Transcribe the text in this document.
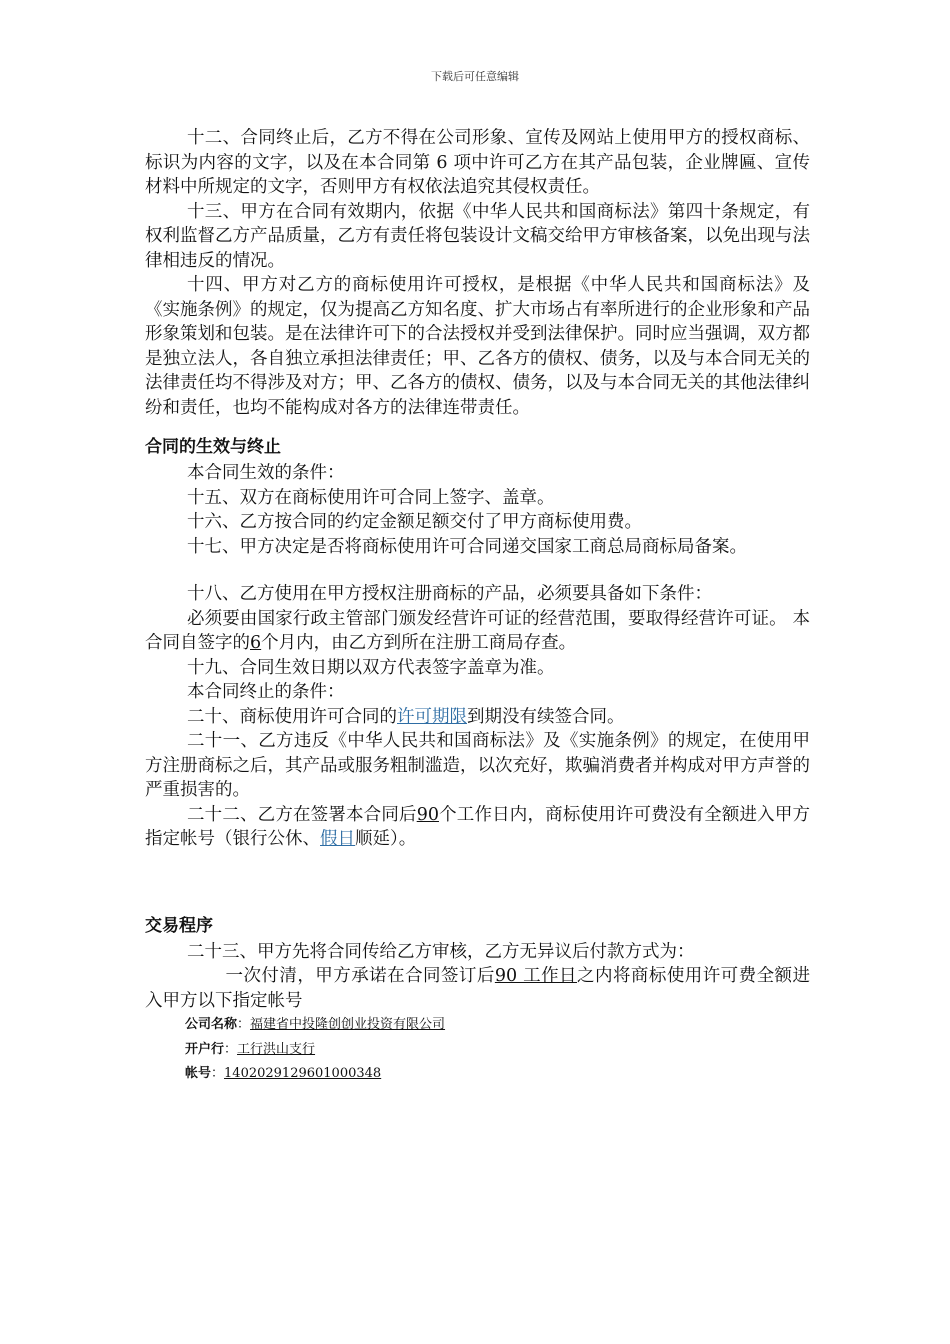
下载后可任意编辑

十二、合同终止后，乙方不得在公司形象、宣传及网站上使用甲方的授权商标、标识为内容的文字，以及在本合同第 6 项中许可乙方在其产品包装，企业牌匾、宣传材料中所规定的文字，否则甲方有权依法追究其侵权责任。

十三、甲方在合同有效期内，依据《中华人民共和国商标法》第四十条规定，有权利监督乙方产品质量，乙方有责任将包装设计文稿交给甲方审核备案，以免出现与法律相违反的情况。

十四、甲方对乙方的商标使用许可授权，是根据《中华人民共和国商标法》及《实施条例》的规定，仅为提高乙方知名度、扩大市场占有率所进行的企业形象和产品形象策划和包装。是在法律许可下的合法授权并受到法律保护。同时应当强调，双方都是独立法人，各自独立承担法律责任；甲、乙各方的债权、债务，以及与本合同无关的法律责任均不得涉及对方；甲、乙各方的债权、债务，以及与本合同无关的其他法律纠纷和责任，也均不能构成对各方的法律连带责任。

合同的生效与终止

本合同生效的条件：

十五、双方在商标使用许可合同上签字、盖章。

十六、乙方按合同的约定金额足额交付了甲方商标使用费。

十七、甲方决定是否将商标使用许可合同递交国家工商总局商标局备案。

十八、乙方使用在甲方授权注册商标的产品，必须要具备如下条件：

必须要由国家行政主管部门颁发经营许可证的经营范围，要取得经营许可证。 本合同自签字的6个月内，由乙方到所在注册工商局存查。

十九、合同生效日期以双方代表签字盖章为准。

本合同终止的条件：

二十、商标使用许可合同的许可期限到期没有续签合同。

二十一、乙方违反《中华人民共和国商标法》及《实施条例》的规定，在使用甲方注册商标之后，其产品或服务粗制滥造，以次充好，欺骗消费者并构成对甲方声誉的严重损害的。

二十二、乙方在签署本合同后90个工作日内，商标使用许可费没有全额进入甲方指定帐号（银行公休、假日顺延）。

交易程序

二十三、甲方先将合同传给乙方审核，乙方无异议后付款方式为：

一次付清，甲方承诺在合同签订后90 工作日之内将商标使用许可费全额进入甲方以下指定帐号

公司名称：福建省中投隆创创业投资有限公司

开户行：工行洪山支行

帐号：1402029129601000348
